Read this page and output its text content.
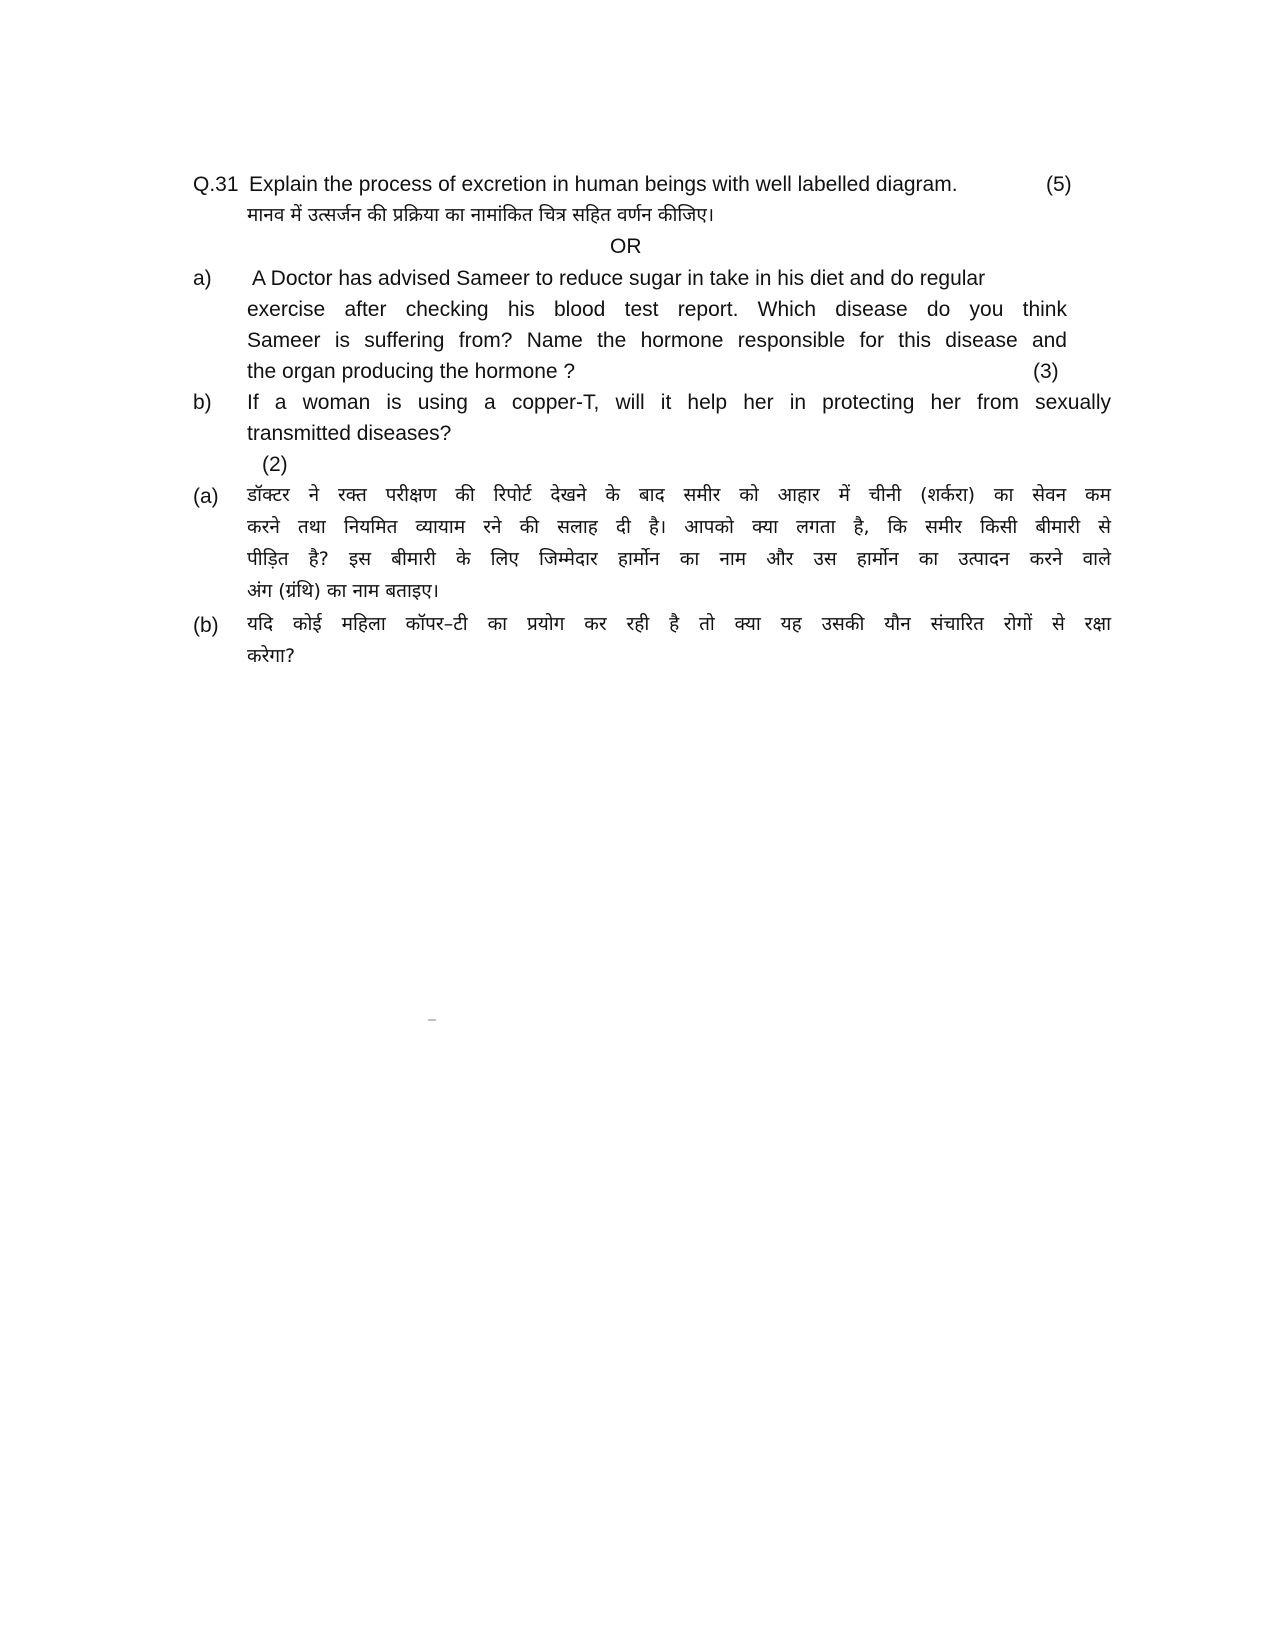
Q.31 Explain the process of excretion in human beings with well labelled diagram.	(5)
मानव में उत्सर्जन की प्रक्रिया का नामांकित चित्र सहित वर्णन कीजिए।
OR
a) A Doctor has advised Sameer to reduce sugar in take in his diet and do regular
exercise after checking his blood test report. Which disease do you think
Sameer is suffering from? Name the hormone responsible for this disease and
the organ producing the hormone ?	(3)
b) If a woman is using a copper-T, will it help her in protecting her from sexually
transmitted diseases?
(2)
(a) डॉक्टर ने रक्त परीक्षण की रिपोर्ट देखने के बाद समीर को आहार में चीनी (शर्करा) का सेवन कम
करने तथा नियमित व्यायाम रने की सलाह दी है। आपको क्या लगता है, कि समीर किसी बीमारी से
पीड़ित है? इस बीमारी के लिए जिम्मेदार हार्मोन का नाम और उस हार्मोन का उत्पादन करने वाले
अंग (ग्रंथि) का नाम बताइए।
(b) यदि कोई महिला कॉपर–टी का प्रयोग कर रही है तो क्या यह उसकी यौन संचारित रोगों से रक्षा
करेगा?
